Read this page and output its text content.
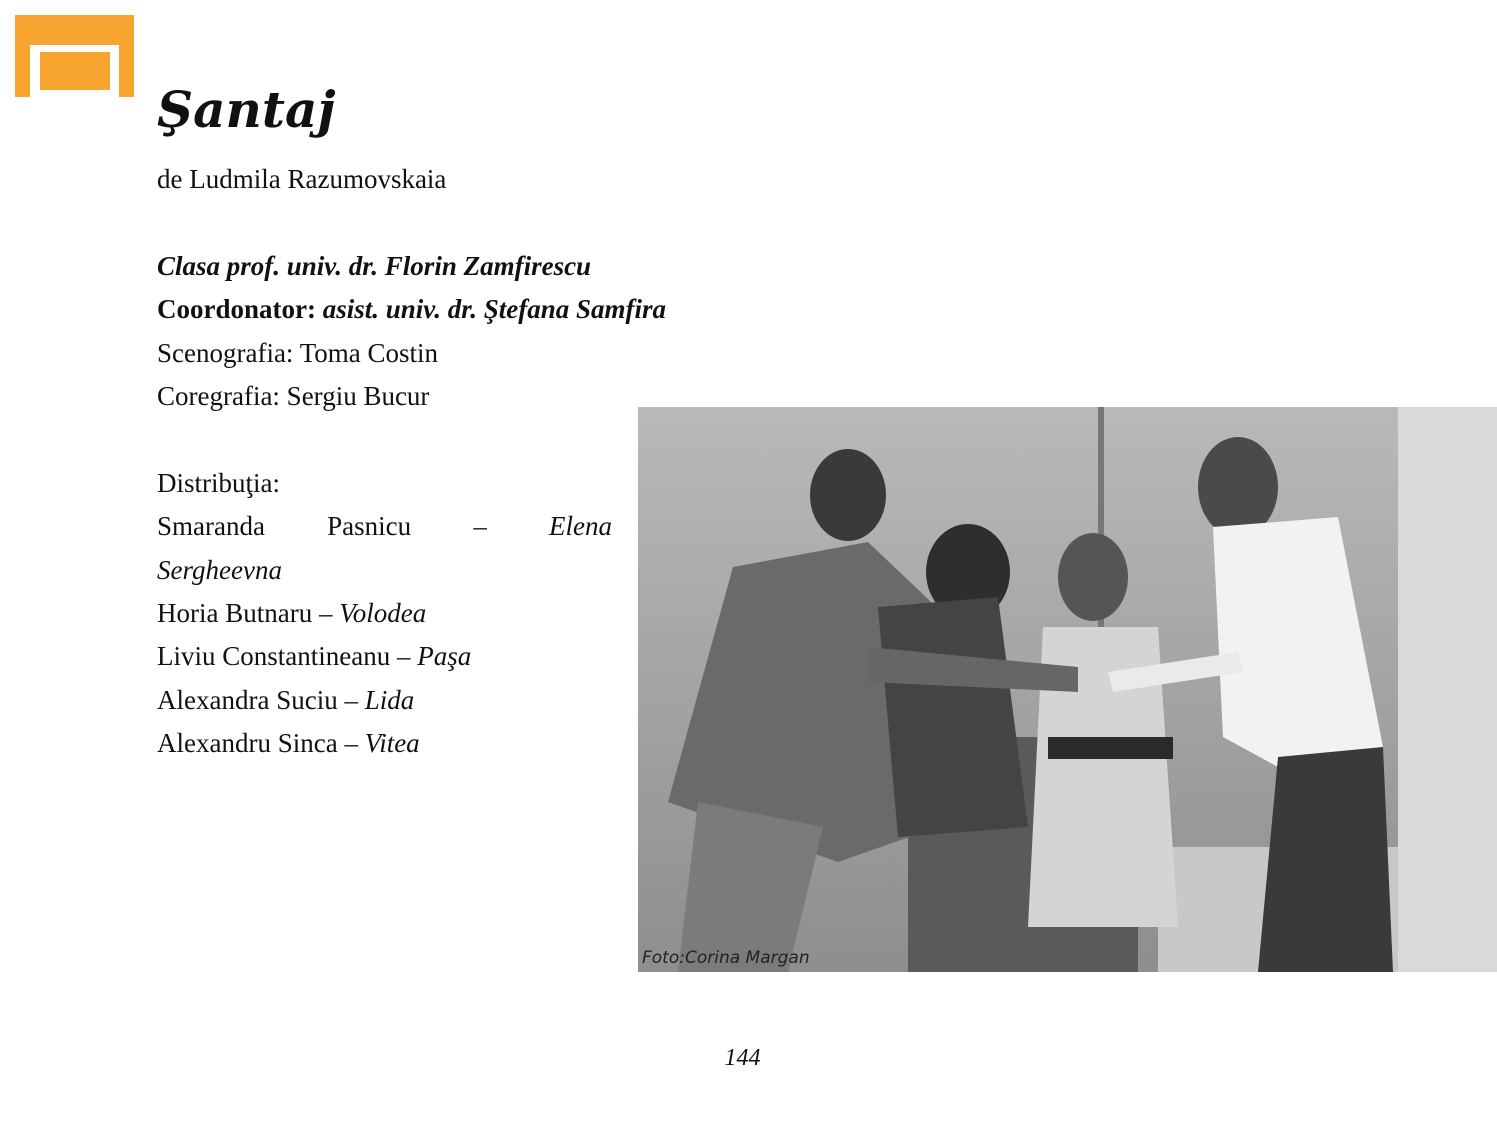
Şantaj
de Ludmila Razumovskaia
Clasa prof. univ. dr. Florin Zamfirescu
Coordonator: asist. univ. dr. Ştefana Samfira
Scenografia: Toma Costin
Coregrafia: Sergiu Bucur
Distribuţia:
Smaranda Pasnicu – Elena
Sergheevna
Horia Butnaru – Volodea
Liviu Constantineanu – Paşa
Alexandra Suciu – Lida
Alexandru Sinca – Vitea
Foto:Corina Margan
144
